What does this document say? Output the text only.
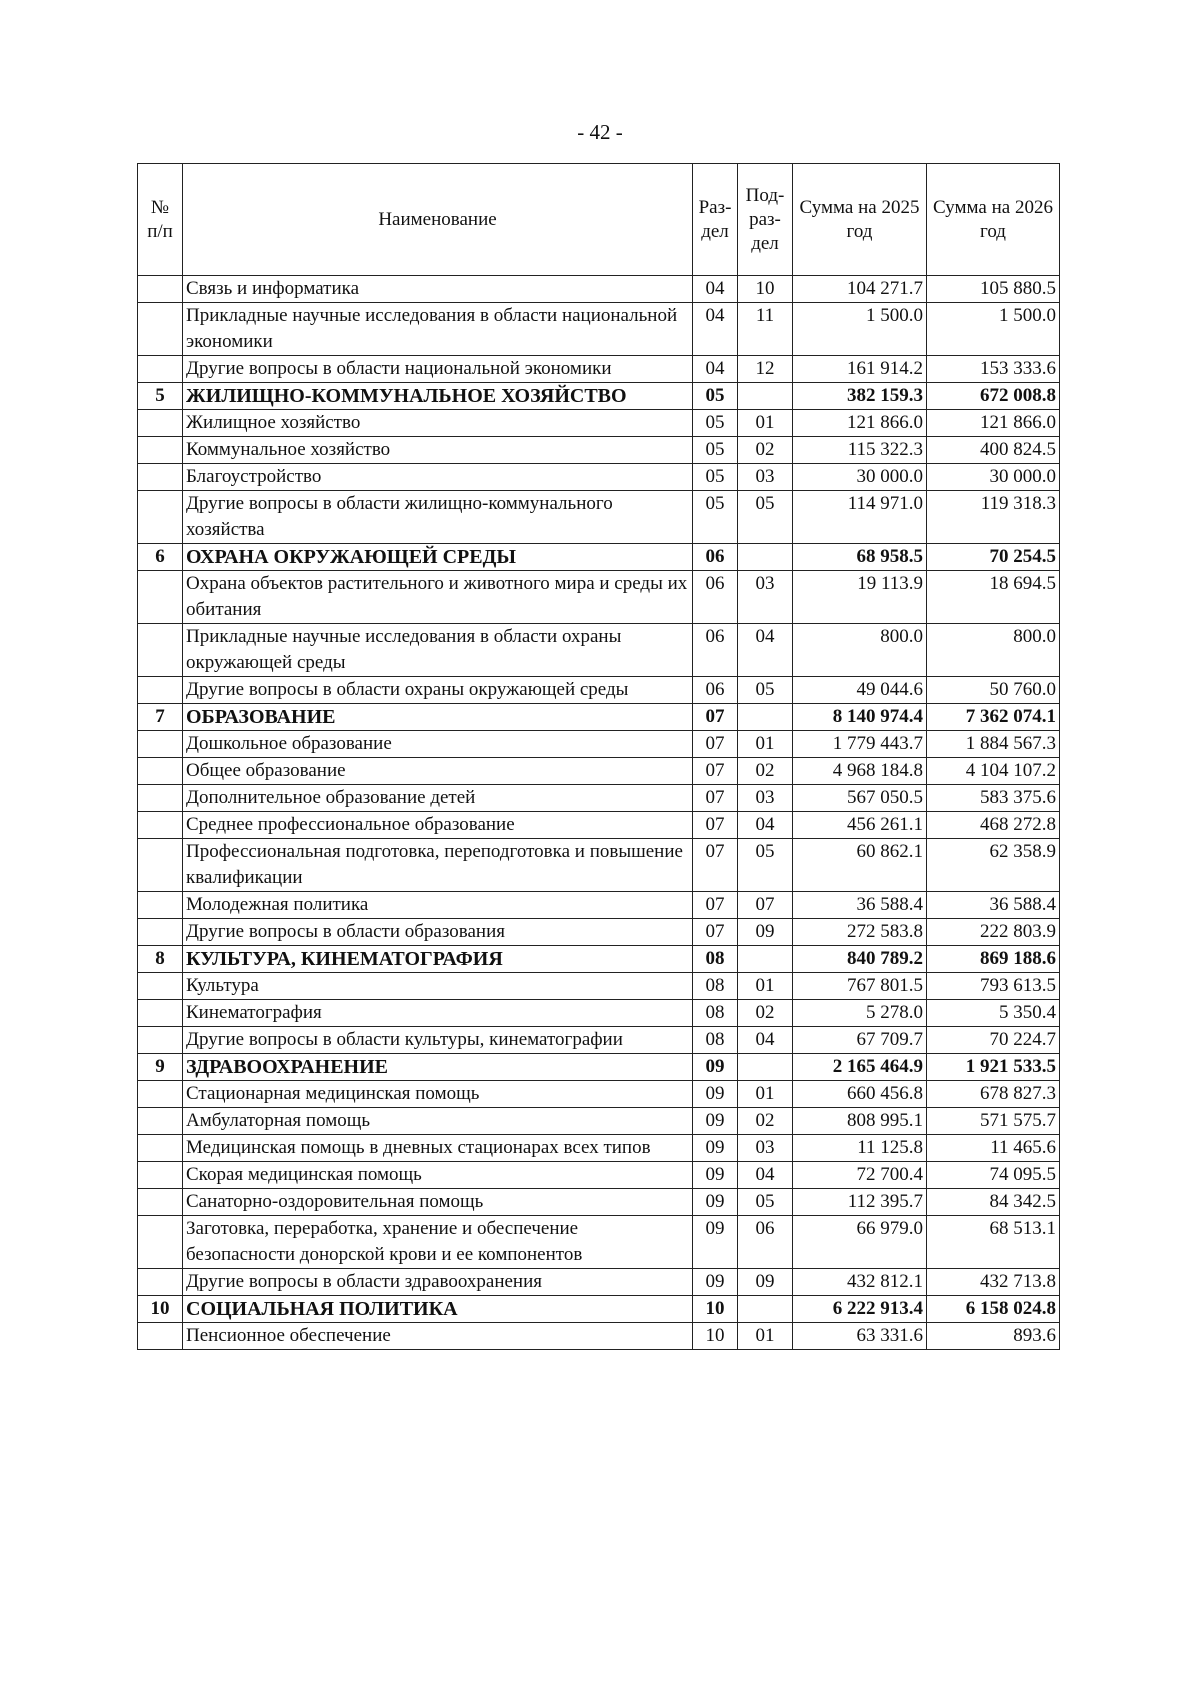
- 42 -
№ п/п	Наименование	Раз-дел	Под-раз-дел	Сумма на 2025 год	Сумма на 2026 год
	Связь и информатика	04	10	104 271.7	105 880.5
	Прикладные научные исследования в области национальной экономики	04	11	1 500.0	1 500.0
	Другие вопросы в области национальной экономики	04	12	161 914.2	153 333.6
5	ЖИЛИЩНО-КОММУНАЛЬНОЕ ХОЗЯЙСТВО	05		382 159.3	672 008.8
	Жилищное хозяйство	05	01	121 866.0	121 866.0
	Коммунальное хозяйство	05	02	115 322.3	400 824.5
	Благоустройство	05	03	30 000.0	30 000.0
	Другие вопросы в области жилищно-коммунального хозяйства	05	05	114 971.0	119 318.3
6	ОХРАНА ОКРУЖАЮЩЕЙ СРЕДЫ	06		68 958.5	70 254.5
	Охрана объектов растительного и животного мира и среды их обитания	06	03	19 113.9	18 694.5
	Прикладные научные исследования в области охраны окружающей среды	06	04	800.0	800.0
	Другие вопросы в области охраны окружающей среды	06	05	49 044.6	50 760.0
7	ОБРАЗОВАНИЕ	07		8 140 974.4	7 362 074.1
	Дошкольное образование	07	01	1 779 443.7	1 884 567.3
	Общее образование	07	02	4 968 184.8	4 104 107.2
	Дополнительное образование детей	07	03	567 050.5	583 375.6
	Среднее профессиональное образование	07	04	456 261.1	468 272.8
	Профессиональная подготовка, переподготовка и повышение квалификации	07	05	60 862.1	62 358.9
	Молодежная политика	07	07	36 588.4	36 588.4
	Другие вопросы в области образования	07	09	272 583.8	222 803.9
8	КУЛЬТУРА, КИНЕМАТОГРАФИЯ	08		840 789.2	869 188.6
	Культура	08	01	767 801.5	793 613.5
	Кинематография	08	02	5 278.0	5 350.4
	Другие вопросы в области культуры, кинематографии	08	04	67 709.7	70 224.7
9	ЗДРАВООХРАНЕНИЕ	09		2 165 464.9	1 921 533.5
	Стационарная медицинская помощь	09	01	660 456.8	678 827.3
	Амбулаторная помощь	09	02	808 995.1	571 575.7
	Медицинская помощь в дневных стационарах всех типов	09	03	11 125.8	11 465.6
	Скорая медицинская помощь	09	04	72 700.4	74 095.5
	Санаторно-оздоровительная помощь	09	05	112 395.7	84 342.5
	Заготовка, переработка, хранение и обеспечение безопасности донорской крови и ее компонентов	09	06	66 979.0	68 513.1
	Другие вопросы в области здравоохранения	09	09	432 812.1	432 713.8
10	СОЦИАЛЬНАЯ ПОЛИТИКА	10		6 222 913.4	6 158 024.8
	Пенсионное обеспечение	10	01	63 331.6	893.6
